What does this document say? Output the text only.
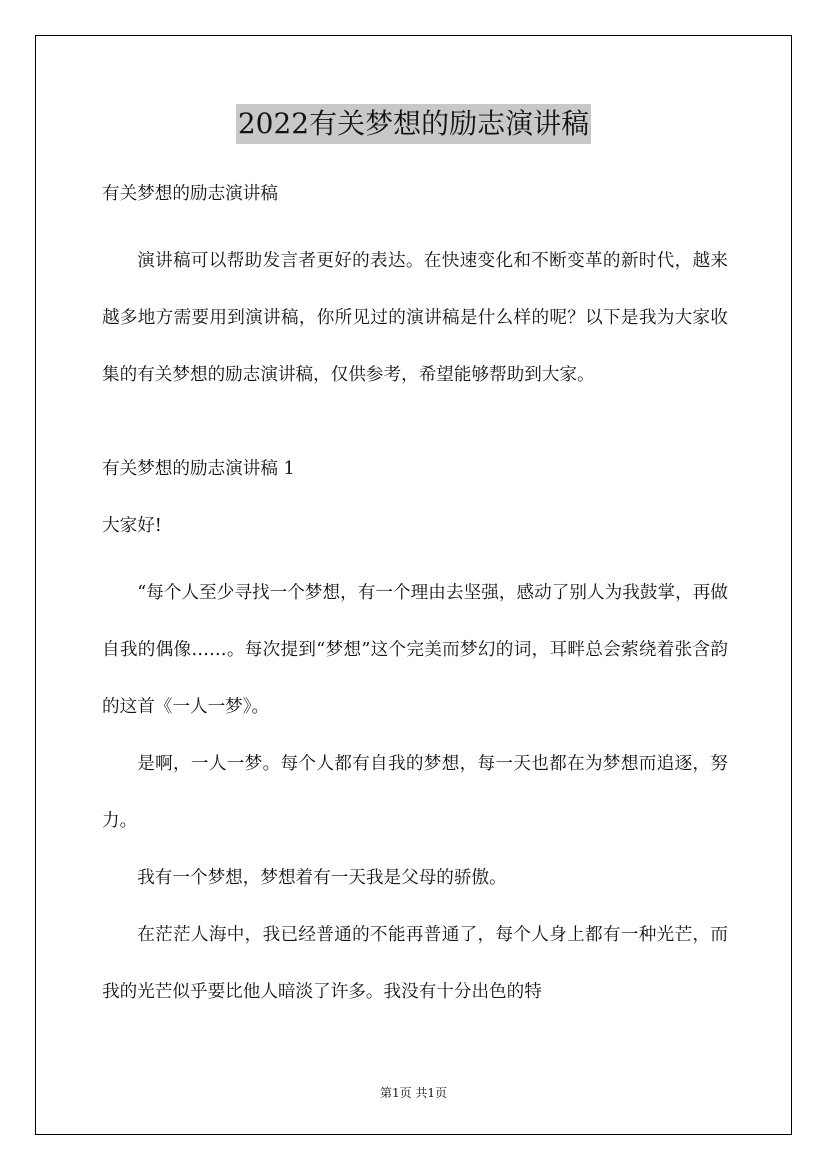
2022有关梦想的励志演讲稿

有关梦想的励志演讲稿

演讲稿可以帮助发言者更好的表达。在快速变化和不断变革的新时代，越来越多地方需要用到演讲稿，你所见过的演讲稿是什么样的呢？以下是我为大家收集的有关梦想的励志演讲稿，仅供参考，希望能够帮助到大家。

有关梦想的励志演讲稿 1

大家好!

“每个人至少寻找一个梦想，有一个理由去坚强，感动了别人为我鼓掌，再做自我的偶像……。每次提到“梦想”这个完美而梦幻的词，耳畔总会萦绕着张含韵的这首《一人一梦》。

是啊，一人一梦。每个人都有自我的梦想，每一天也都在为梦想而追逐，努力。

我有一个梦想，梦想着有一天我是父母的骄傲。

在茫茫人海中，我已经普通的不能再普通了，每个人身上都有一种光芒，而我的光芒似乎要比他人暗淡了许多。我没有十分出色的特

第1页 共1页
